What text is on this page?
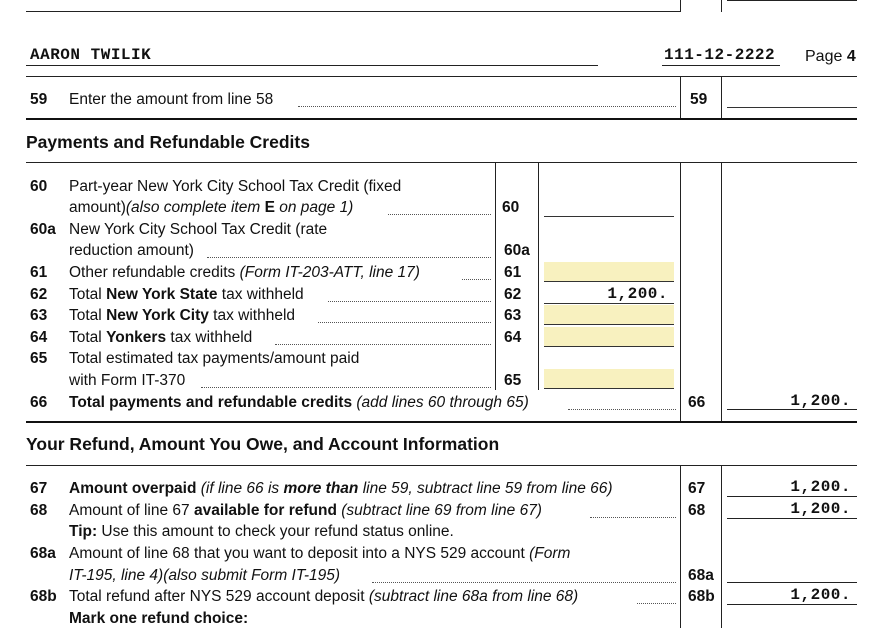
AARON TWILIK	111-12-2222 Page 4
59 Enter the amount from line 58	59
Payments and Refundable Credits
60 Part-year New York City School Tax Credit (fixed
amount)(also complete item E on page 1)	60
60a New York City School Tax Credit (rate
reduction amount)	60a
61 Other refundable credits (Form IT-203-ATT, line 17)	61
62 Total New York State tax withheld	62	1,200.
63 Total New York City tax withheld	63
64 Total Yonkers tax withheld	64
65 Total estimated tax payments/amount paid
with Form IT-370	65
66 Total payments and refundable credits (add lines 60 through 65)	66	1,200.
Your Refund, Amount You Owe, and Account Information
67 Amount overpaid (if line 66 is more than line 59, subtract line 59 from line 66)	67	1,200.
68 Amount of line 67 available for refund (subtract line 69 from line 67)	68	1,200.
Tip: Use this amount to check your refund status online.
68a Amount of line 68 that you want to deposit into a NYS 529 account (Form
IT-195, line 4)(also submit Form IT-195)	68a
68b Total refund after NYS 529 account deposit (subtract line 68a from line 68)	68b	1,200.
Mark one refund choice:
